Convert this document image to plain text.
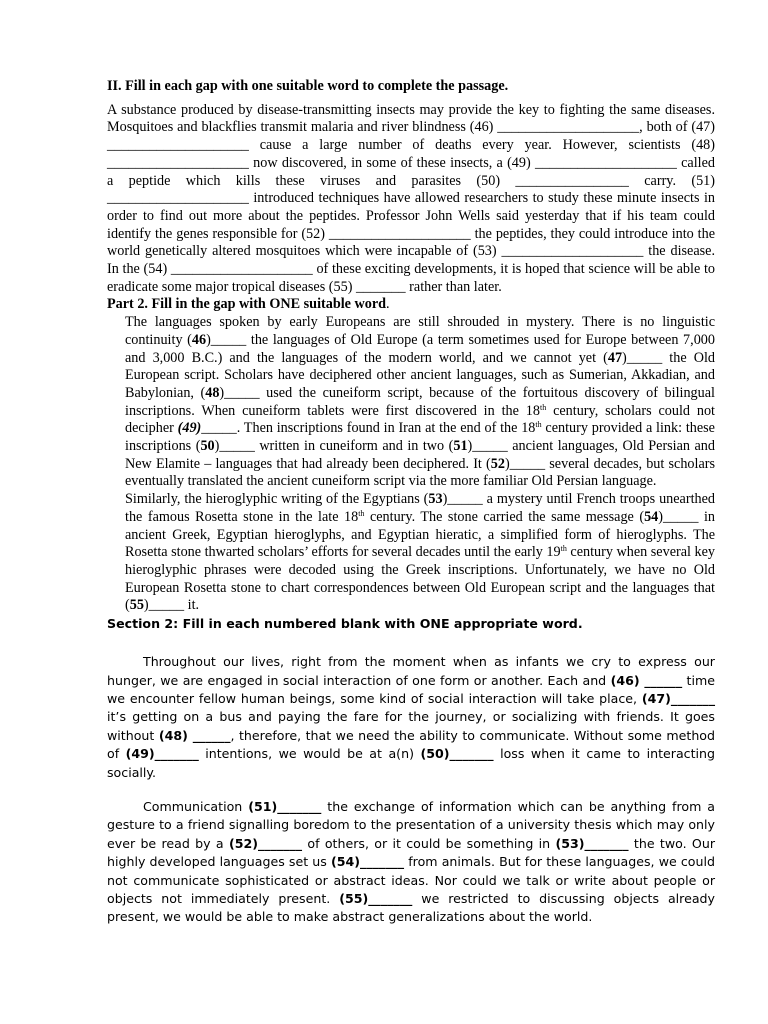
II. Fill in each gap with one suitable word to complete the passage.

A substance produced by disease-transmitting insects may provide the key to fighting the same diseases. Mosquitoes and blackflies transmit malaria and river blindness (46) ____________________, both of (47) ____________________ cause a large number of deaths every year. However, scientists (48) ____________________ now discovered, in some of these insects, a (49) ____________________ called a peptide which kills these viruses and parasites (50) ________________ carry. (51) ____________________ introduced techniques have allowed researchers to study these minute insects in order to find out more about the peptides. Professor John Wells said yesterday that if his team could identify the genes responsible for (52) ____________________ the peptides, they could introduce into the world genetically altered mosquitoes which were incapable of (53) ____________________ the disease. In the (54) ____________________ of these exciting developments, it is hoped that science will be able to eradicate some major tropical diseases (55) _______ rather than later.

Part 2. Fill in the gap with ONE suitable word.

The languages spoken by early Europeans are still shrouded in mystery. There is no linguistic continuity (46)_____ the languages of Old Europe (a term sometimes used for Europe between 7,000 and 3,000 B.C.) and the languages of the modern world, and we cannot yet (47)_____ the Old European script. Scholars have deciphered other ancient languages, such as Sumerian, Akkadian, and Babylonian, (48)_____ used the cuneiform script, because of the fortuitous discovery of bilingual inscriptions. When cuneiform tablets were first discovered in the 18th century, scholars could not decipher (49)_____. Then inscriptions found in Iran at the end of the 18th century provided a link: these inscriptions (50)_____ written in cuneiform and in two (51)_____ ancient languages, Old Persian and New Elamite – languages that had already been deciphered. It (52)_____ several decades, but scholars eventually translated the ancient cuneiform script via the more familiar Old Persian language.

Similarly, the hieroglyphic writing of the Egyptians (53)_____ a mystery until French troops unearthed the famous Rosetta stone in the late 18th century. The stone carried the same message (54)_____ in ancient Greek, Egyptian hieroglyphs, and Egyptian hieratic, a simplified form of hieroglyphs. The Rosetta stone thwarted scholars’ efforts for several decades until the early 19th century when several key hieroglyphic phrases were decoded using the Greek inscriptions. Unfortunately, we have no Old European Rosetta stone to chart correspondences between Old European script and the languages that (55)_____ it.

Section 2: Fill in each numbered blank with ONE appropriate word.

Throughout our lives, right from the moment when as infants we cry to express our hunger, we are engaged in social interaction of one form or another. Each and (46) ______ time we encounter fellow human beings, some kind of social interaction will take place, (47)_______ it’s getting on a bus and paying the fare for the journey, or socializing with friends. It goes without (48) ______, therefore, that we need the ability to communicate. Without some method of (49)_______ intentions, we would be at a(n) (50)_______ loss when it came to interacting socially.

Communication (51)_______ the exchange of information which can be anything from a gesture to a friend signalling boredom to the presentation of a university thesis which may only ever be read by a (52)_______ of others, or it could be something in (53)_______ the two. Our highly developed languages set us (54)_______ from animals. But for these languages, we could not communicate sophisticated or abstract ideas. Nor could we talk or write about people or objects not immediately present. (55)_______ we restricted to discussing objects already present, we would be able to make abstract generalizations about the world.
